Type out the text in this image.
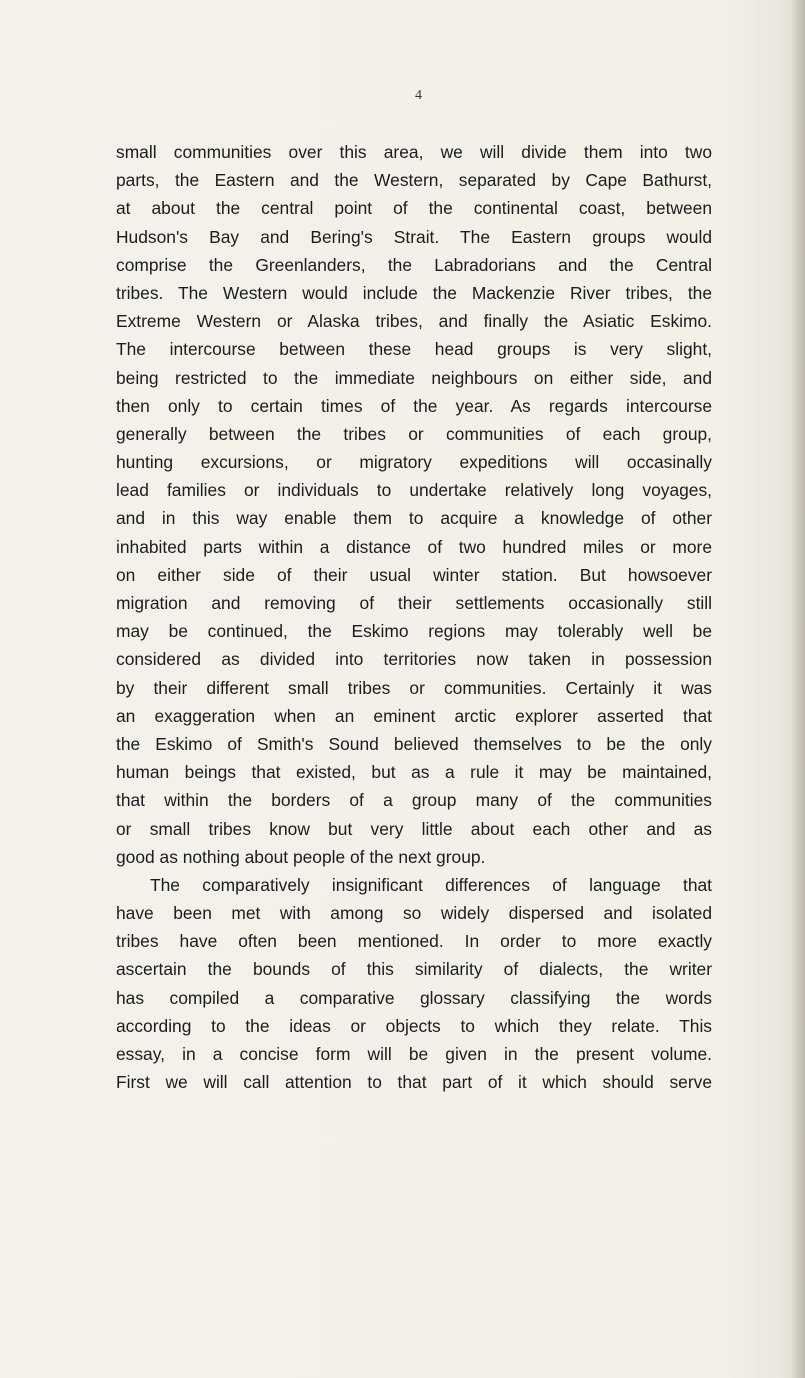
4
small communities over this area, we will divide them into two
parts, the Eastern and the Western, separated by Cape Bathurst,
at about the central point of the continental coast, between
Hudson's Bay and Bering's Strait. The Eastern groups would
comprise the Greenlanders, the Labradorians and the Central
tribes. The Western would include the Mackenzie River tribes, the
Extreme Western or Alaska tribes, and finally the Asiatic Eskimo.
The intercourse between these head groups is very slight,
being restricted to the immediate neighbours on either side, and
then only to certain times of the year. As regards intercourse
generally between the tribes or communities of each group,
hunting excursions, or migratory expeditions will occasinally
lead families or individuals to undertake relatively long voyages,
and in this way enable them to acquire a knowledge of other
inhabited parts within a distance of two hundred miles or more
on either side of their usual winter station. But howsoever
migration and removing of their settlements occasionally still
may be continued, the Eskimo regions may tolerably well be
considered as divided into territories now taken in possession
by their different small tribes or communities. Certainly it was
an exaggeration when an eminent arctic explorer asserted that
the Eskimo of Smith's Sound believed themselves to be the only
human beings that existed, but as a rule it may be maintained,
that within the borders of a group many of the communities
or small tribes know but very little about each other and as
good as nothing about people of the next group.
The comparatively insignificant differences of language that
have been met with among so widely dispersed and isolated
tribes have often been mentioned. In order to more exactly
ascertain the bounds of this similarity of dialects, the writer
has compiled a comparative glossary classifying the words
according to the ideas or objects to which they relate. This
essay, in a concise form will be given in the present volume.
First we will call attention to that part of it which should serve
